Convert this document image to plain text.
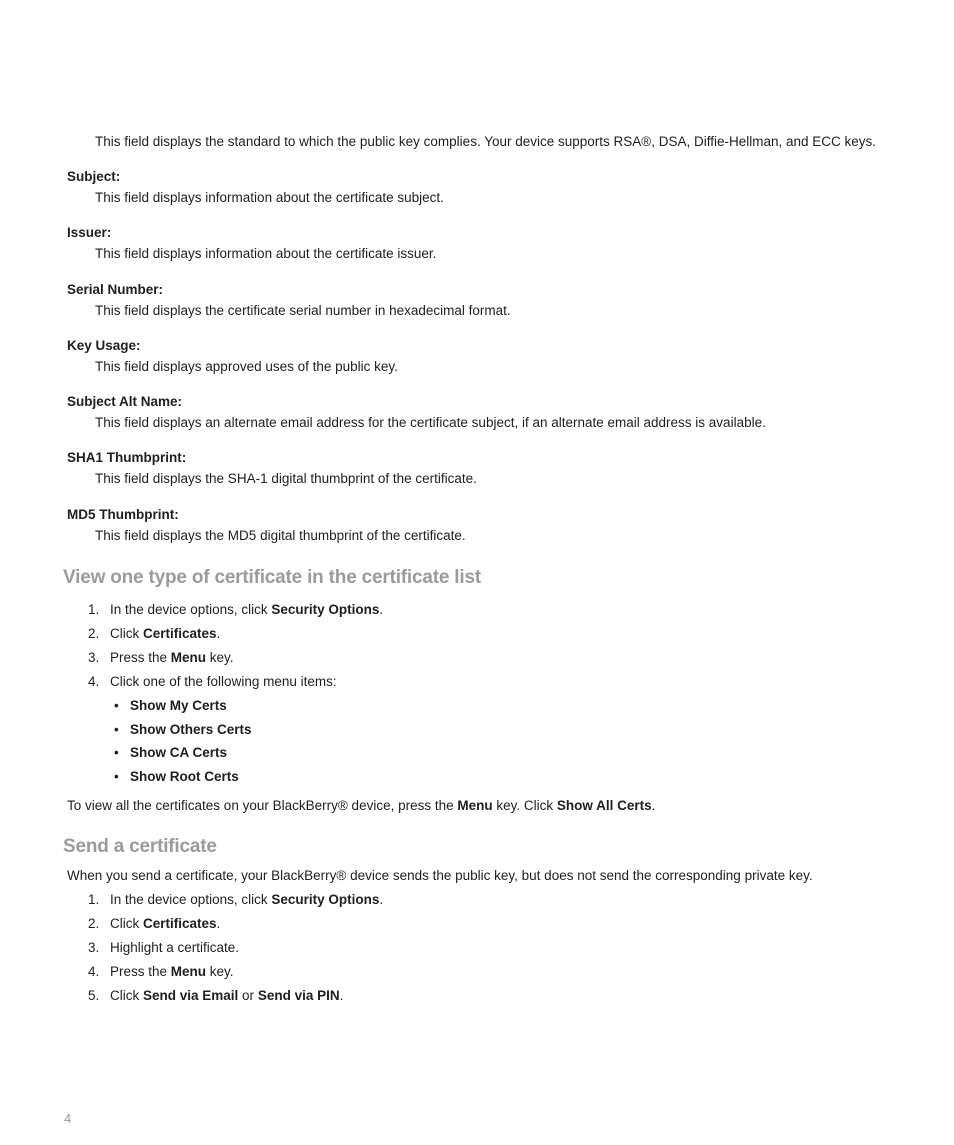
This field displays the standard to which the public key complies. Your device supports RSA®, DSA, Diffie-Hellman, and ECC keys.
Subject:
This field displays information about the certificate subject.
Issuer:
This field displays information about the certificate issuer.
Serial Number:
This field displays the certificate serial number in hexadecimal format.
Key Usage:
This field displays approved uses of the public key.
Subject Alt Name:
This field displays an alternate email address for the certificate subject, if an alternate email address is available.
SHA1 Thumbprint:
This field displays the SHA-1 digital thumbprint of the certificate.
MD5 Thumbprint:
This field displays the MD5 digital thumbprint of the certificate.
View one type of certificate in the certificate list
1. In the device options, click Security Options.
2. Click Certificates.
3. Press the Menu key.
4. Click one of the following menu items:
• Show My Certs
• Show Others Certs
• Show CA Certs
• Show Root Certs
To view all the certificates on your BlackBerry® device, press the Menu key. Click Show All Certs.
Send a certificate
When you send a certificate, your BlackBerry® device sends the public key, but does not send the corresponding private key.
1. In the device options, click Security Options.
2. Click Certificates.
3. Highlight a certificate.
4. Press the Menu key.
5. Click Send via Email or Send via PIN.
4
